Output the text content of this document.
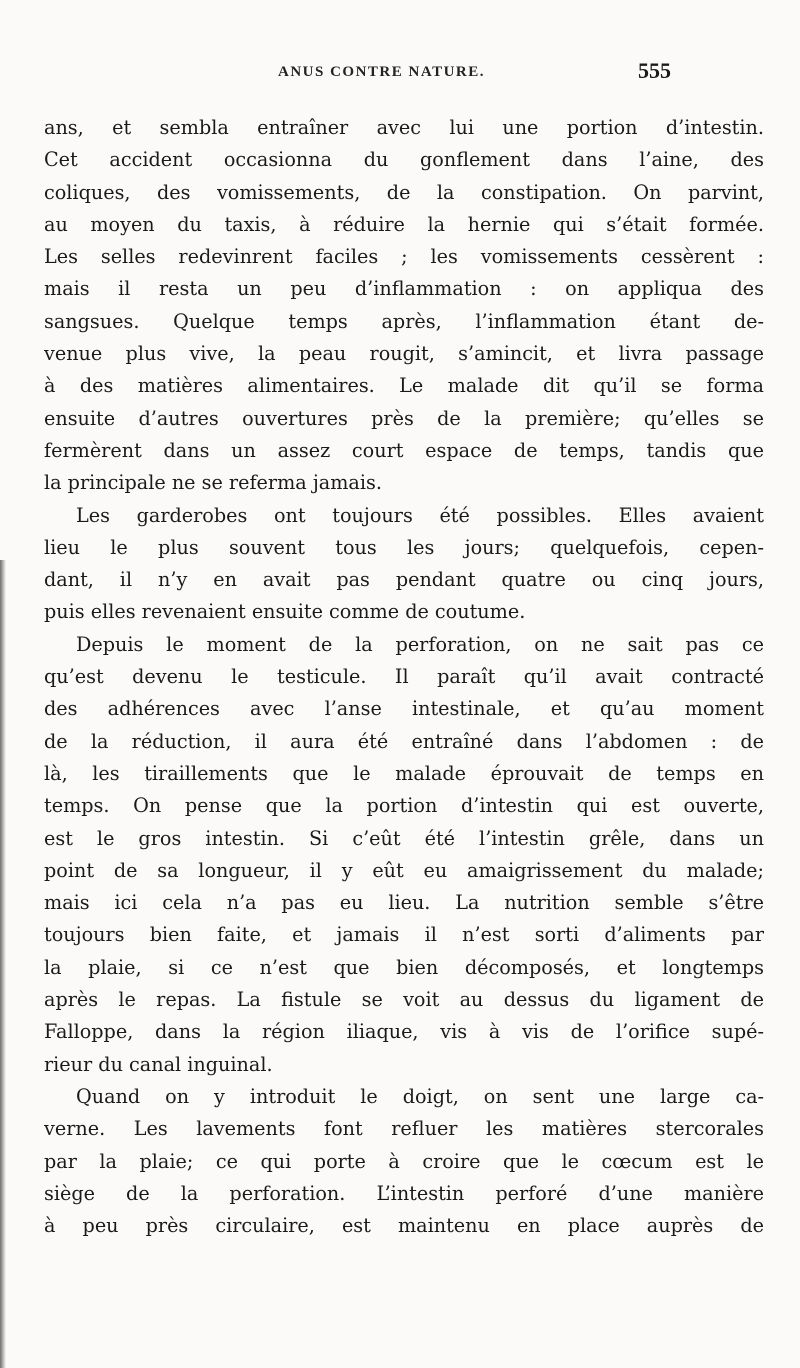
ANUS CONTRE NATURE.	555
ans, et sembla entraîner avec lui une portion d’intestin.
Cet accident occasionna du gonflement dans l’aine, des
coliques, des vomissements, de la constipation. On parvint,
au moyen du taxis, à réduire la hernie qui s’était formée.
Les selles redevinrent faciles ; les vomissements cessèrent :
mais il resta un peu d’inflammation : on appliqua des
sangsues. Quelque temps après, l’inflammation étant de-
venue plus vive, la peau rougit, s’amincit, et livra passage
à des matières alimentaires. Le malade dit qu’il se forma
ensuite d’autres ouvertures près de la première; qu’elles se
fermèrent dans un assez court espace de temps, tandis que
la principale ne se referma jamais.
Les garderobes ont toujours été possibles. Elles avaient
lieu le plus souvent tous les jours; quelquefois, cepen-
dant, il n’y en avait pas pendant quatre ou cinq jours,
puis elles revenaient ensuite comme de coutume.
Depuis le moment de la perforation, on ne sait pas ce
qu’est devenu le testicule. Il paraît qu’il avait contracté
des adhérences avec l’anse intestinale, et qu’au moment
de la réduction, il aura été entraîné dans l’abdomen : de
là, les tiraillements que le malade éprouvait de temps en
temps. On pense que la portion d’intestin qui est ouverte,
est le gros intestin. Si c’eût été l’intestin grêle, dans un
point de sa longueur, il y eût eu amaigrissement du malade;
mais ici cela n’a pas eu lieu. La nutrition semble s’être
toujours bien faite, et jamais il n’est sorti d’aliments par
la plaie, si ce n’est que bien décomposés, et longtemps
après le repas. La fistule se voit au dessus du ligament de
Falloppe, dans la région iliaque, vis à vis de l’orifice supé-
rieur du canal inguinal.
Quand on y introduit le doigt, on sent une large ca-
verne. Les lavements font refluer les matières stercorales
par la plaie; ce qui porte à croire que le cœcum est le
siège de la perforation. L’intestin perforé d’une manière
à peu près circulaire, est maintenu en place auprès de
